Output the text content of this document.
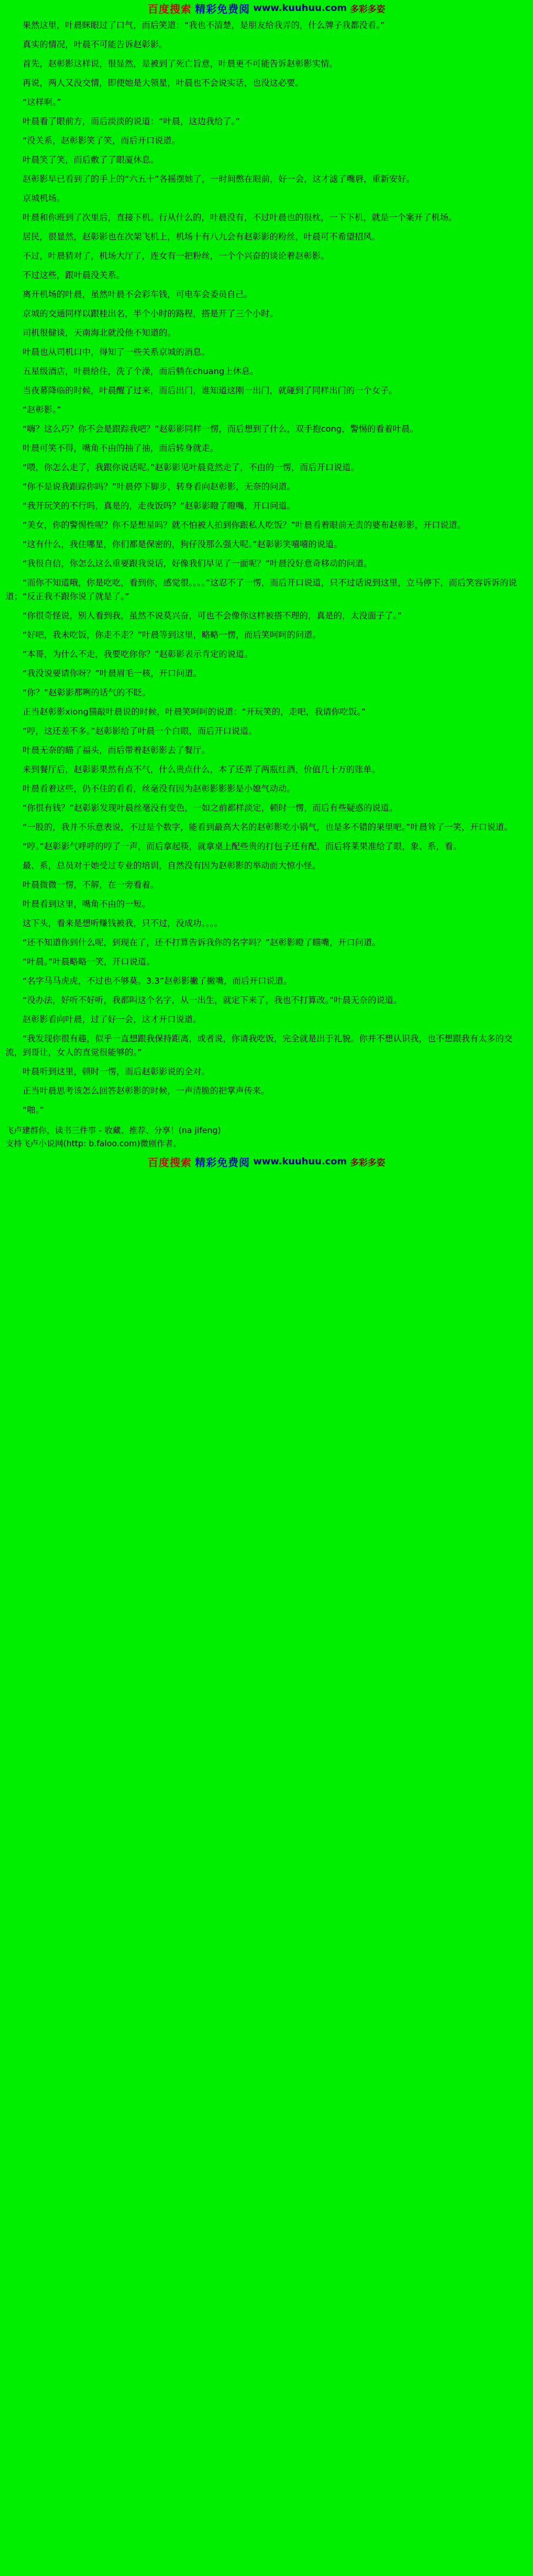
百度搜索 精彩免费阅 www.kuuhuu.com 多彩多姿

果然这里，叶晨眯眼过了口气，而后笑道：“我也不清楚，是朋友给我弄的，什么牌子我都没看。”

真实的情况，叶晨不可能告诉赵彰影。

首先，赵彰影这样说，很显然，是被到了死亡旨意，叶晨更不可能告诉赵彰影实情。

再说，两人又没交情，即便她是大领星，叶晨也不会说实话，也没这必要。

“这样啊。”

叶晨看了眼前方，而后淡淡的说道：“叶晨，这边我给了。”

“没关系，赵彰影笑了笑，而后开口说道。

叶晨笑了笑，而后敷了了眼厦休息。

赵彰影早已看到了的手上的“六五十”各摇摆她了，一时间憋在眼前，好一会，这才滤了嘴唇，重新安好。

京城机场。

叶晨和你班到了次里后，直接下机。行从什么的，叶晨没有，不过叶晨也的很枕，一下下机，就是一个案开了机场。

居民，很显然，赵彰影也在次架飞机上，机场十有八九会有赵彰影的粉丝，叶晨可不希望招风。

不过，叶晨猜对了，机场大厅了，连女有一把粉丝，一个个兴奋的谈论着赵彰影。

不过这些，跟叶晨没关系。

离开机场的叶晨，虽然叶晨不会彩车钱，可电车会委员自己。

京城的交通同样以跟桂出名，半个小时的路程，搭是开了三个小时。

司机很健谈，天南海北就没他不知道的。

叶晨也从司机口中，得知了一些关系京城的消息。

五星级酒店，叶晨给住，洗了个澡，而后躺在chuang上休息。

当夜幕降临的时候，叶晨醒了过来，而后出门，谁知道这刚一出门，就碰到了同样出门的一个女子。

“赵彰影。”

“嗨？这么巧？你不会是跟踪我吧？”赵彰影同样一愣，而后想到了什么，双手抱cong，警惕的看着叶晨。

叶晨可笑不得，嘴角不由的抽了抽，而后转身就走。

“喂，你怎么走了，我跟你说话呢。”赵彰影见叶晨竟然走了，不由的一愣，而后开口说道。

“你不是说我跟踪你吗？”叶晨停下脚步，转身看向赵彰影，无奈的问道。

“我开玩笑的不行吗，真是的，走夜饭吗？”赵彰影瞪了瞪嘴，开口问道。

“美女，你的警惕性呢？你不是想星吗？就不怕被人拍到你跟私人吃饭？”叶晨看着眼前无责的婆布赵彰影，开口说道。

“这有什么，我住哪星，你们都是保密的，狗仔没那么强大呢。”赵彰影笑嘻嘻的说道。

“我很自信，你怎么这么重要跟我说话，好像我们早见了一面呢？”叶晨没好意奇移动的问道。

“而你不知道哦，你是吃吃，看到你，感觉很。。。。”这忍不了一愣，而后开口说道，只不过话说到这里，立马停下，而后笑容诉诉的说道；“反正我不跟你说了就是了。”

“你很奇怪说，别人看到我，虽然不说莫兴奋，可也不会像你这样被搭不理的，真是的，太没面子了。”

“好吧，我未吃饭，你走不走？”叶晨等到这里，略略一愣，而后笑呵呵的问道。

“本哥，为什么不走，我要吃你你？”赵彰影表示肯定的说道。

“我没说要请你呀？”叶晨眉毛一核，开口问道。

“你？”赵彰影都咧的话气的不眨。

正当赵彰影xiong猫敲叶晨说的时候，叶晨笑呵呵的说道：“开玩笑的，走吧，我请你吃饭。”

“哼，这还差不多。”赵彰影给了叶晨一个白眼，而后开口说道。

叶晨无奈的瞄了福头，而后带着赵彰影去了餐厅。

来到餐厅后，赵彰影果然有点不气，什么贵点什么，本了还弄了两瓶红酒，价值几十万的账单。

叶晨看着这些，仍不住的看看，丝毫没有因为赵彰影影影是小媳气动动。

“你很有钱？”赵彰影发现叶晨丝毫没有变色，一如之前都样淡定，顿时一愣，而后有些疑惑的说道。

“一股的，我并不乐意表说，不过是个数字，能看到最高大名的赵彰影吃小锅气，也是多不错的果里吧。”叶晨耸了一笑，开口说道。

“哼。”赵彰影气呼呼的哼了一声，而后拿起筷，就拿桌上配些贵的打包子还有配，而后将莱果准给了眼，象、系，看。

最、系，总员对于她受过专业的培训，自然没有因为赵彰影的举动而大惊小怪。

叶晨微微一愣，不解，在一旁看着。

叶晨看到这里，嘴角不由的一短。

这下头，看来是想听赚钱被我，只不过，没成功。。。。

“还不知道你到什么呢，到现在了，还不打算告诉我你的名字吗？”赵彰影瞪了瞄嘴，开口问道。

“叶晨。”叶晨略略一笑，开口说道。

“名字马马虎虎，不过也不够莫。3.3”赵彰影撇了撇嘴，而后开口说道。

“没办法，好听不好听，我都叫这个名字，从一出生，就定下来了，我也不打算改。”叶晨无奈的说道。

赵彰影看向叶晨，过了好一会，这才开口说道。

“我发现你很有趣，似乎一直想跟我保持距离，或者说，你请我吃饭，完全就是出于礼貌。你并不想认识我，也不想跟我有太多的交流，到哥让，女人的直觉很能够的。”

叶晨听到这里，顿时一愣，而后赵彰影说的全对。

正当叶晨思考该怎么回答赵彰影的时候，一声清脆的把掌声传来。

“啪。”

飞卢建群你，读书三件事 - 收藏、推荐、分享！(na jifeng)
支持飞卢小说网(http: b.faloo.com)微剧作者。
百度搜索 精彩免费阅 www.kuuhuu.com 多彩多姿
